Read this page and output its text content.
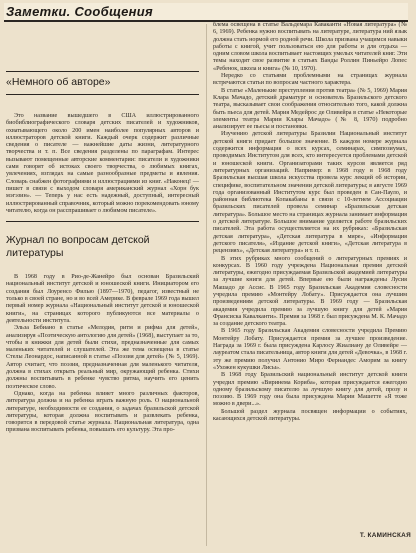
Заметки. Сообщения
«Немного об авторе»

Это название вышедшего в США иллюстрированного биобиблиографического словаря детских писателей и художников, охватывающего около 200 имен наиболее популярных авторов и иллюстраторов детской книги. Каждый очерк содержит различные сведения о писателе — важнейшие даты жизни, литературного творчества и т. п. Все сведения разделены по параграфам. Интерес вызывают помещенные авторские комментарии: писатели и художники сами говорят об истоках своего творчества, о любимых книгах, увлечениях, взглядах на самые разнообразные предметы и явления. Словарь снабжен фотографиями и иллюстрациями из книг. «Наконец! — пишет в связи с выходом словаря американский журнал «Хорн бук мэгэзин». — Теперь у нас есть надежный, доступный, интересный иллюстрированный справочник, который можно порекомендовать юному читателю, когда он расспрашивает о любимом писателе».

Журнал по вопросам детской литературы

В 1968 году в Рио-де-Жанейро был основан Бразильский национальный институт детской и юношеской книги. Инициатором его создания был Лоуренсо Филью (1897—1970), педагог, известный не только в своей стране, но и во всей Америке. В феврале 1969 года вышел первый номер журнала «Национальный институт детской и юношеской книги», на страницах которого публикуются все материалы о деятельности института.

Эльза Бебиано в статье «Мелодия, ритм и рифма для детей», анализируя «Поэтическую антологию для детей» (1968), выступает за то, чтобы в книжки для детей были стихи, предназначенные для самых маленьких читателей и слушателей. Эта же тема освещена в статье Стелы Леонардос, написанной в статье «Поэзия для детей» (№ 5, 1969). Автор считает, что поэзия, предназначенная для маленького читателя, должна в стихах открыть реальный мир, окружающий ребенка. Стихи должны воспитывать в ребенке чувство ритма, научить его ценить поэтическое слово.

Однако, когда на ребенка влияет много различных факторов, литература должна и на ребенка играть важную роль. О национальной литературе, необходимости ее создания, о задачах бразильской детской литературы, которая должна воспитывать и развлекать ребенка, говорится в передовой статье журнала. Национальная литература, одна призвана воспитывать ребенка, повышать его культуру. Эта про-

блема освещена в статье Вальдемара Каваканти «Новая литература» (№ 6, 1969). Ребенка нужно воспитывать на литературе, литература ний язык должна стать нормой его родной речи. Школа призвана учащимся навыки работы с книгой, учит пользоваться ею для работы и для отдыха — одним словом школа воспитывает настоящих умелых читателей книг. Эти темы находят свое развитие в статьях Ванды Роллин Пиньейро Лопес «Ребенок, школа и книга» (№ 10, 1970).

Нередко со статьями проблемными на страницах журнала встречаются статьи по вопросам частного характера.

В статье «Маленькие преступления против театра» (№ 5, 1969) Мария Клара Мачадо, детский драматург и основатель Бразильского детского театра, высказывает свои соображения относительно того, какой должна быть пьеса для детей. Мария Медейрос де Оливейра в статье «Некоторые элементы театра Марии Клары Мачадо» (№ 8, 1970) подробно анализирует ее пьесы и постановки.

Изучению детской литературы Бразилии Национальный институт детской книги придает большое значение. В каждом номере журнала содержится информация о всех курсах, семинарах, симпозиумах, проводимых Институтом для всех, кто интересуется проблемами детской и юношеской книги. Организаторами таких курсов является ряд литературных организаций. Например: в 1968 году в 1968 году Бразильская высшая школа искусства провела курс лекций об истории, специфике, воспитательном значении детской литературы; в августе 1969 года организованный Институтом курс был проведен в Сан-Пауло, и районная библиотека Копакабаны в связи с 10-летием Ассоциации бразильских писателей провела семинар «Бразильская детская литература». Большое место на страницах журнала занимает информация о детской литературе. Большое внимание уделяется работе бразильских писателей. Эта работа осуществляется на их рубриках: «Бразильская детская литература», «Детская литература в мире», «Информация детского писателя», «Издание детской книги», «Детская литература в рецензиях», «Детская литература» и т. п.

В этих рубриках много сообщений о литературных премиях и конкурсах. В 1960 году учреждена Национальная премия детской литературы, ежегодно присуждаемая Бразильской академией литературы за лучшие книги для детей. Впервые ею были награждены Лусия Машадо де Ассис. В 1965 году Бразильская Академия словесности учредила премию «Монтейру Лобату». Присуждается она лучшим произведениям детской литературы. В 1969 году — Бразильская академия учредила премию за лучшую книгу для детей «Мария Франсиска Кавалканти». Премия за 1968 г. был присуждена М. К. Мачадо за создание детского театра.

В 1965 году Бразильская Академия словесности учредила Премию Монтейру Лобату. Присуждается премия за лучшее произведение. Награда за 1969 г. была присуждена Карлосу Жиалиану де Оливейре — лауреатом стала писательница, автор книги для детей «Девочка», в 1968 г. эту же премию получил Антонио Миро Фернандес Аморим за книгу «Ухожен кукушки Лисы».

В 1968 году Бразильский национальный институт детской книги учредил премию «Виринема Кориба», которая присуждается ежегодно одному бразильскому писателю за лучшую книгу для детей, прозу и поэзию. В 1969 году она была присуждена Марии Машетте «Я тоже можно в двери...».

Большой раздел журнала посвящен информации о событиях, касающихся детской литературы.

Т. КАМИНСКАЯ
